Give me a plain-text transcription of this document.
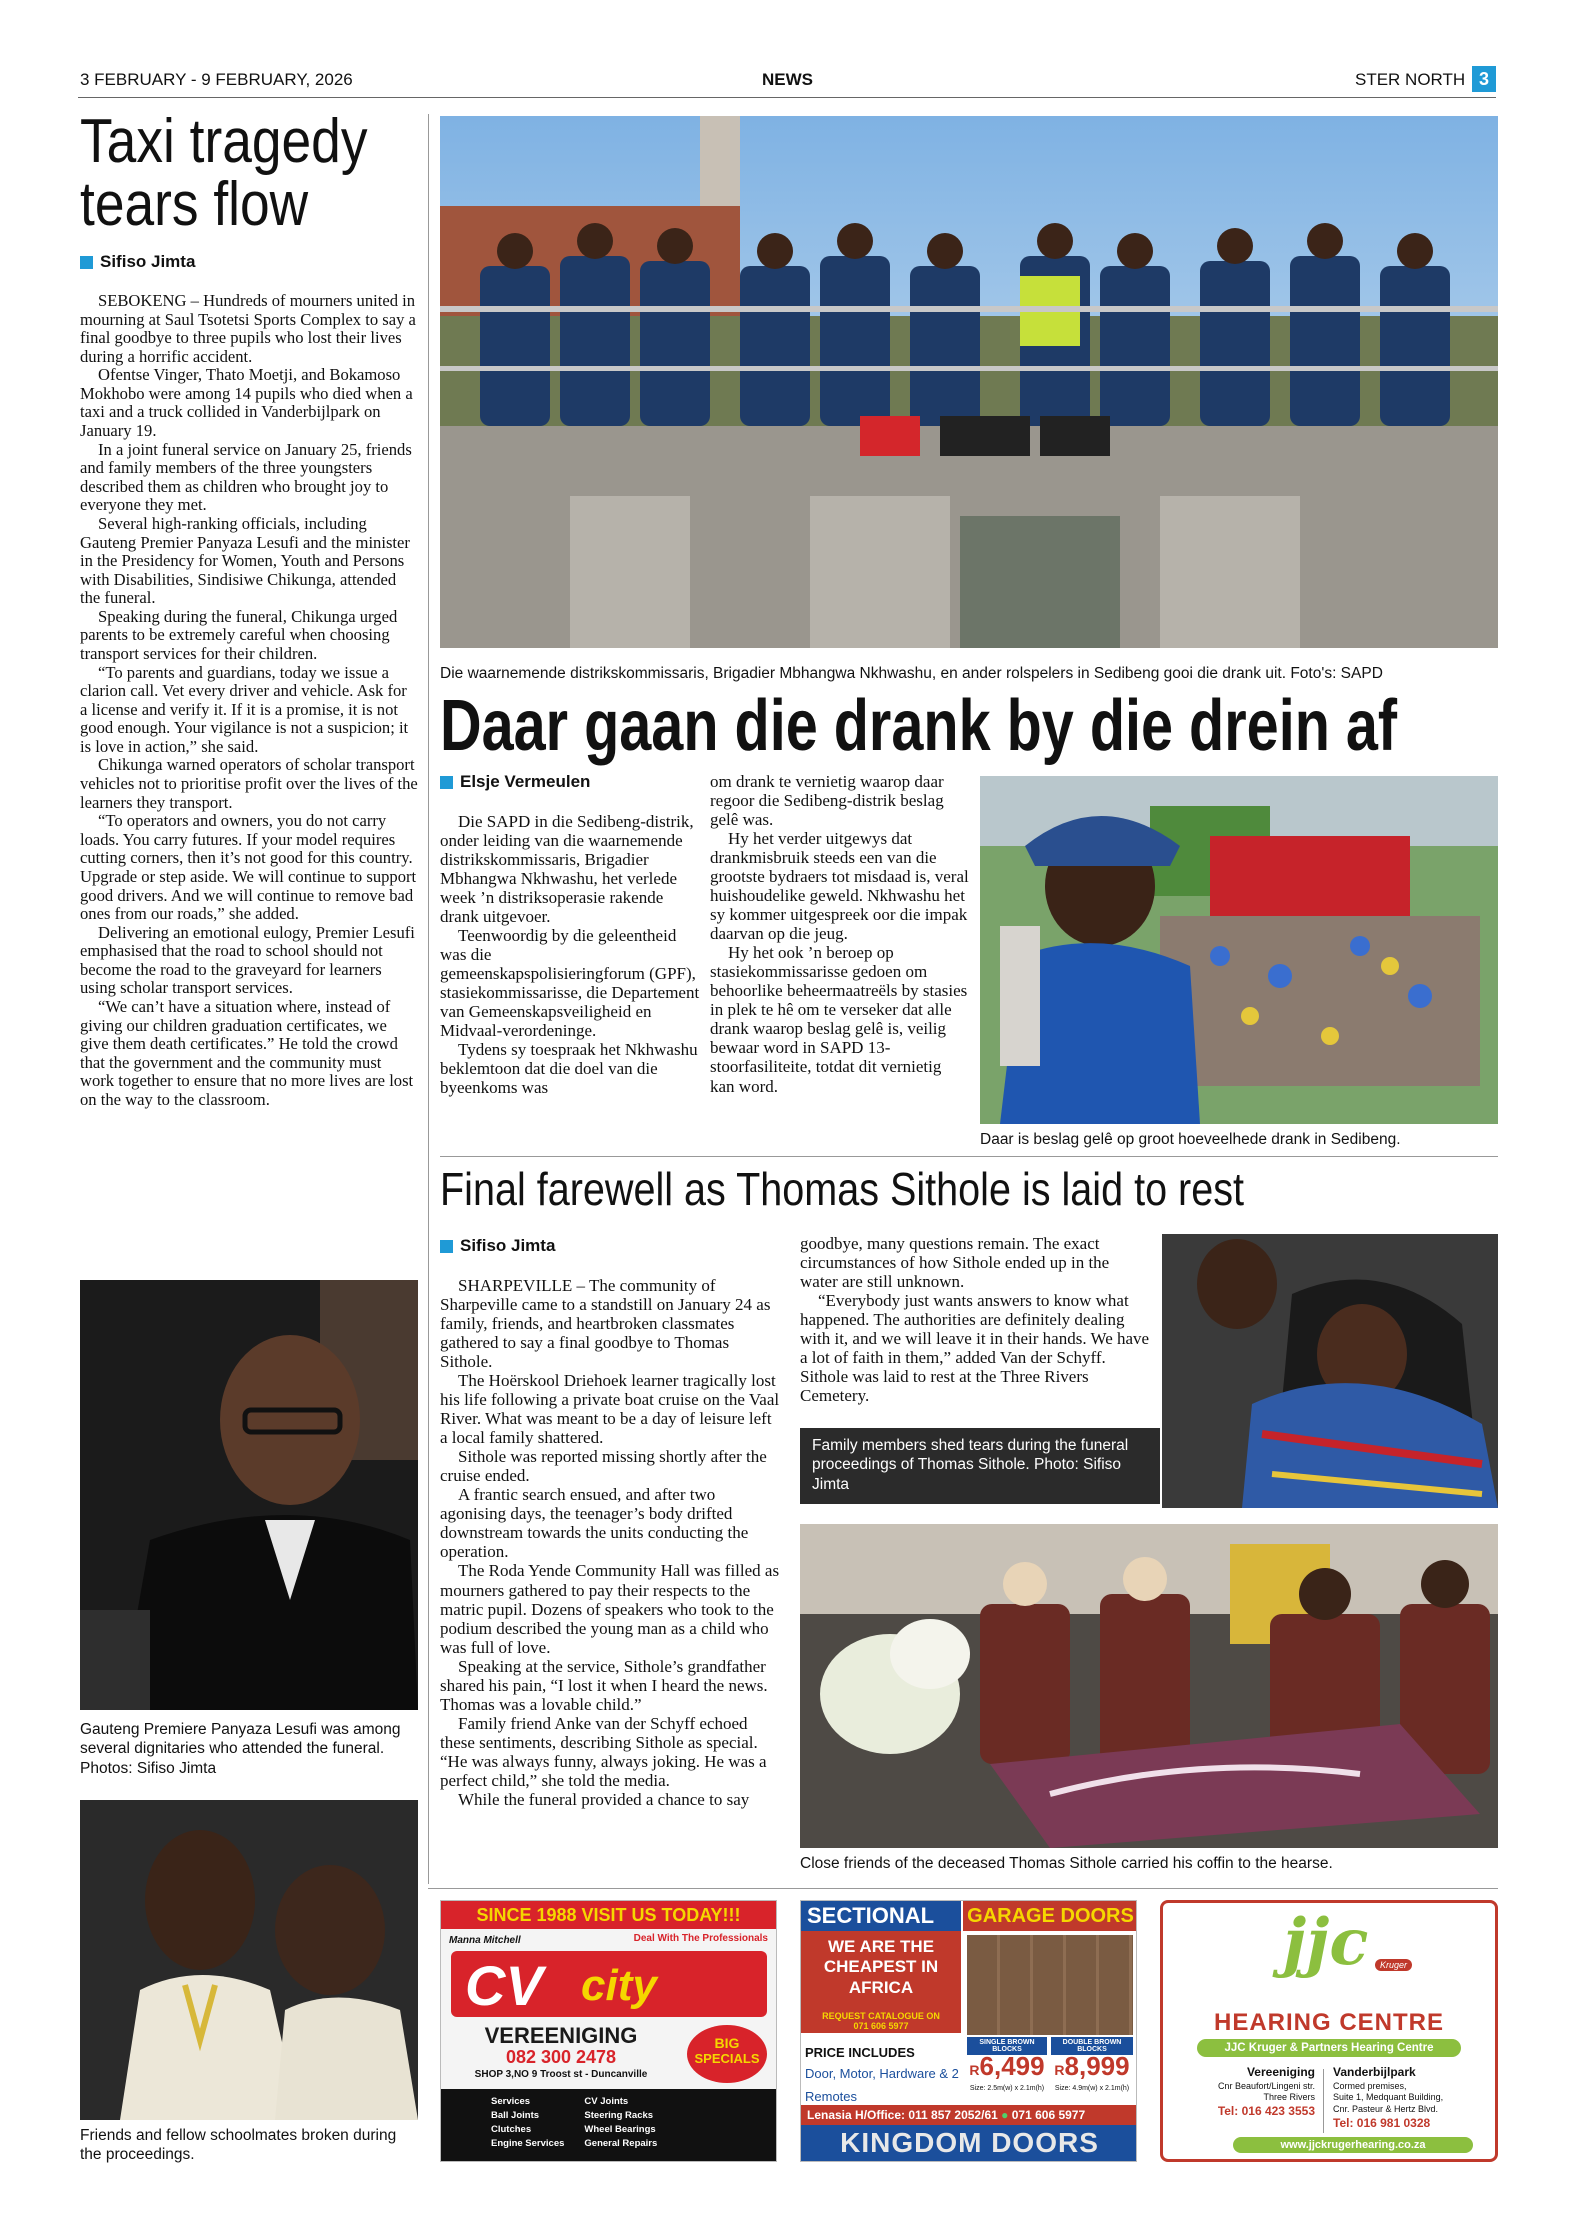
3 FEBRUARY - 9 FEBRUARY, 2026	NEWS	STER NORTH 3
Taxi tragedy tears flow
Sifiso Jimta

SEBOKENG – Hundreds of mourners united in mourning at Saul Tsotetsi Sports Complex to say a final goodbye to three pupils who lost their lives during a horrific accident.

Ofentse Vinger, Thato Moetji, and Bokamoso Mokhobo were among 14 pupils who died when a taxi and a truck collided in Vanderbijlpark on January 19.

In a joint funeral service on January 25, friends and family members of the three youngsters described them as children who brought joy to everyone they met.

Several high-ranking officials, including Gauteng Premier Panyaza Lesufi and the minister in the Presidency for Women, Youth and Persons with Disabilities, Sindisiwe Chikunga, attended the funeral.

Speaking during the funeral, Chikunga urged parents to be extremely careful when choosing transport services for their children.

“To parents and guardians, today we issue a clarion call. Vet every driver and vehicle. Ask for a license and verify it. If it is a promise, it is not good enough. Your vigilance is not a suspicion; it is love in action,” she said.

Chikunga warned operators of scholar transport vehicles not to prioritise profit over the lives of the learners they transport.

“To operators and owners, you do not carry loads. You carry futures. If your model requires cutting corners, then it’s not good for this country. Upgrade or step aside. We will continue to support good drivers. And we will continue to remove bad ones from our roads,” she added.

Delivering an emotional eulogy, Premier Lesufi emphasised that the road to school should not become the road to the graveyard for learners using scholar transport services.

“We can’t have a situation where, instead of giving our children graduation certificates, we give them death certificates.” He told the crowd that the government and the community must work together to ensure that no more lives are lost on the way to the classroom.

Gauteng Premiere Panyaza Lesufi was among several dignitaries who attended the funeral. Photos: Sifiso Jimta
Friends and fellow schoolmates broken during the proceedings.
Die waarnemende distrikskommissaris, Brigadier Mbhangwa Nkhwashu, en ander rolspelers in Sedibeng gooi die drank uit. Foto's: SAPD
Daar gaan die drank by die drein af
Elsje Vermeulen

Die SAPD in die Sedibeng-distrik, onder leiding van die waarnemende distrikskommissaris, Brigadier Mbhangwa Nkhwashu, het verlede week ’n distriksoperasie rakende drank uitgevoer.

Teenwoordig by die geleentheid was die gemeenskapspolisieringforum (GPF), stasiekommissarisse, die Departement van Gemeenskapsveiligheid en Midvaal-verordeninge.

Tydens sy toespraak het Nkhwashu beklemtoon dat die doel van die byeenkoms was

om drank te vernietig waarop daar regoor die Sedibeng-distrik beslag gelê was.

Hy het verder uitgewys dat drankmisbruik steeds een van die grootste bydraers tot misdaad is, veral huishoudelike geweld. Nkhwashu het sy kommer uitgespreek oor die impak daarvan op die jeug.

Hy het ook ’n beroep op stasiekommissarisse gedoen om behoorlike beheermaatreëls by stasies in plek te hê om te verseker dat alle drank waarop beslag gelê is, veilig bewaar word in SAPD 13-stoorfasiliteite, totdat dit vernietig kan word.

Daar is beslag gelê op groot hoeveelhede drank in Sedibeng.
Final farewell as Thomas Sithole is laid to rest
Sifiso Jimta

SHARPEVILLE – The community of Sharpeville came to a standstill on January 24 as family, friends, and heartbroken classmates gathered to say a final goodbye to Thomas Sithole.

The Hoërskool Driehoek learner tragically lost his life following a private boat cruise on the Vaal River. What was meant to be a day of leisure left a local family shattered.

Sithole was reported missing shortly after the cruise ended.

A frantic search ensued, and after two agonising days, the teenager’s body drifted downstream towards the units conducting the operation.

The Roda Yende Community Hall was filled as mourners gathered to pay their respects to the matric pupil. Dozens of speakers who took to the podium described the young man as a child who was full of love.

Speaking at the service, Sithole’s grandfather shared his pain, “I lost it when I heard the news. Thomas was a lovable child.”

Family friend Anke van der Schyff echoed these sentiments, describing Sithole as special. “He was always funny, always joking. He was a perfect child,” she told the media.

While the funeral provided a chance to say

goodbye, many questions remain. The exact circumstances of how Sithole ended up in the water are still unknown.

“Everybody just wants answers to know what happened. The authorities are definitely dealing with it, and we will leave it in their hands. We have a lot of faith in them,” added Van der Schyff. Sithole was laid to rest at the Three Rivers Cemetery.

Family members shed tears during the funeral proceedings of Thomas Sithole. Photo: Sifiso Jimta
Close friends of the deceased Thomas Sithole carried his coffin to the hearse.
SINCE 1988 VISIT US TODAY!!!
Manna Mitchell	Deal With The Professionals
CV city
VEREENIGING
082 300 2478
SHOP 3,NO 9 Troost st - Duncanville
BIG
SPECIALS
Services
Ball Joints
Clutches
Engine Services
CV Joints
Steering Racks
Wheel Bearings
General Repairs
SECTIONAL	GARAGE DOORS
WE ARE THE CHEAPEST IN AFRICA
REQUEST CATALOGUE ON
071 606 5977
PRICE INCLUDES
Door, Motor, Hardware & 2 Remotes
SINGLE BROWN BLOCKS
DOUBLE BROWN BLOCKS
R6,499 R8,999
Size: 2.5m(w) x 2.1m(h)	Size: 4.9m(w) x 2.1m(h)
Lenasia H/Office: 011 857 2052/61 ● 071 606 5977
KINGDOM DOORS
jjc	Kruger
HEARING CENTRE
JJC Kruger & Partners Hearing Centre
Vereeniging
Cnr Beaufort/Lingeni str.
Three Rivers
Tel: 016 423 3553
Vanderbijlpark
Cormed premises,
Suite 1, Medquant Building,
Cnr. Pasteur & Hertz Blvd.
Tel: 016 981 0328
www.jjckrugerhearing.co.za
